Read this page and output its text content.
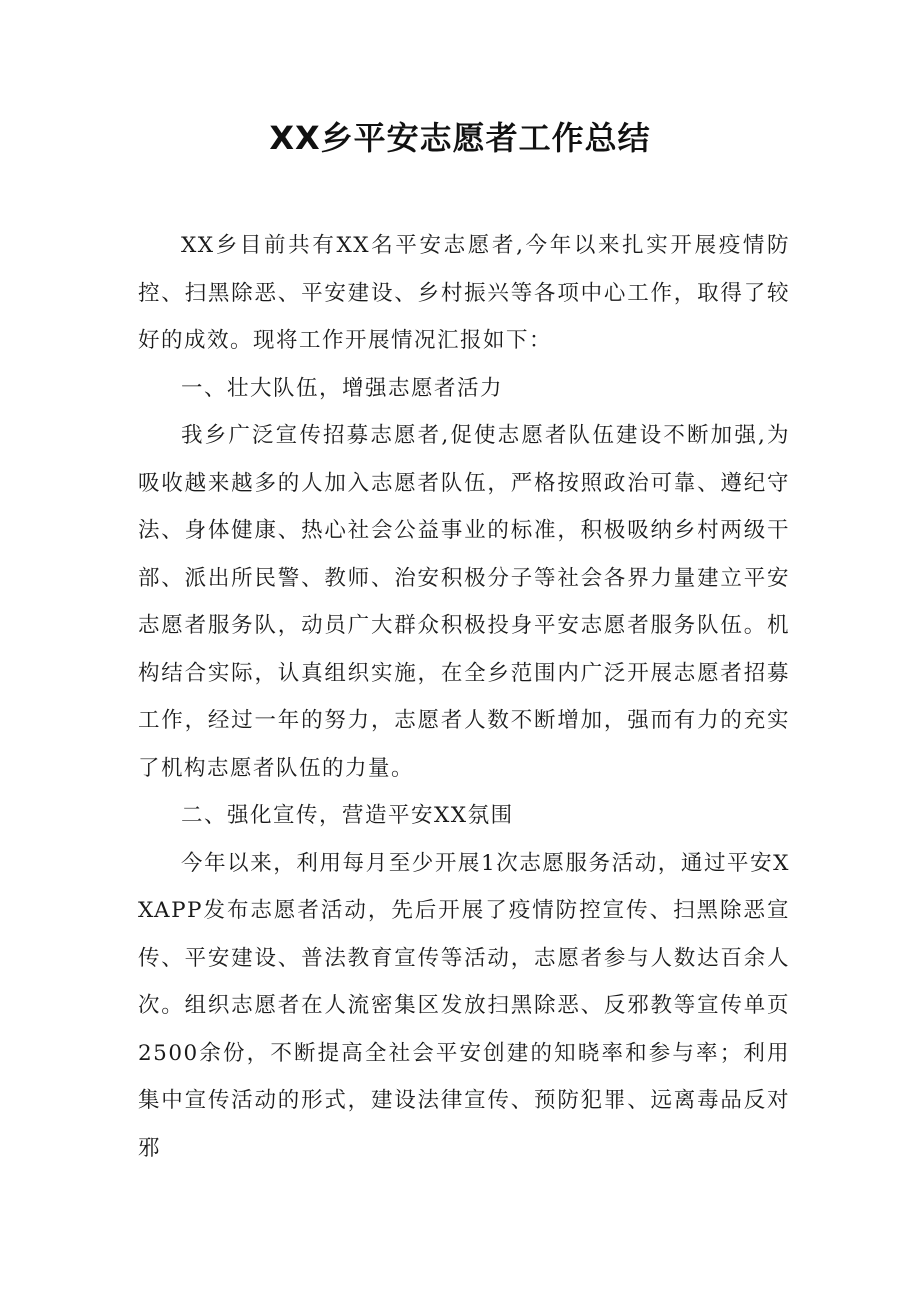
XX乡平安志愿者工作总结

XX乡目前共有XX名平安志愿者,今年以来扎实开展疫情防控、扫黑除恶、平安建设、乡村振兴等各项中心工作，取得了较好的成效。现将工作开展情况汇报如下：

一、壮大队伍，增强志愿者活力

我乡广泛宣传招募志愿者,促使志愿者队伍建设不断加强,为吸收越来越多的人加入志愿者队伍，严格按照政治可靠、遵纪守法、身体健康、热心社会公益事业的标准，积极吸纳乡村两级干部、派出所民警、教师、治安积极分子等社会各界力量建立平安志愿者服务队，动员广大群众积极投身平安志愿者服务队伍。机构结合实际，认真组织实施，在全乡范围内广泛开展志愿者招募工作，经过一年的努力，志愿者人数不断增加，强而有力的充实了机构志愿者队伍的力量。

二、强化宣传，营造平安XX氛围

今年以来，利用每月至少开展1次志愿服务活动，通过平安XXAPP发布志愿者活动，先后开展了疫情防控宣传、扫黑除恶宣传、平安建设、普法教育宣传等活动，志愿者参与人数达百余人次。组织志愿者在人流密集区发放扫黑除恶、反邪教等宣传单页2500余份，不断提高全社会平安创建的知晓率和参与率；利用集中宣传活动的形式，建设法律宣传、预防犯罪、远离毒品反对邪
